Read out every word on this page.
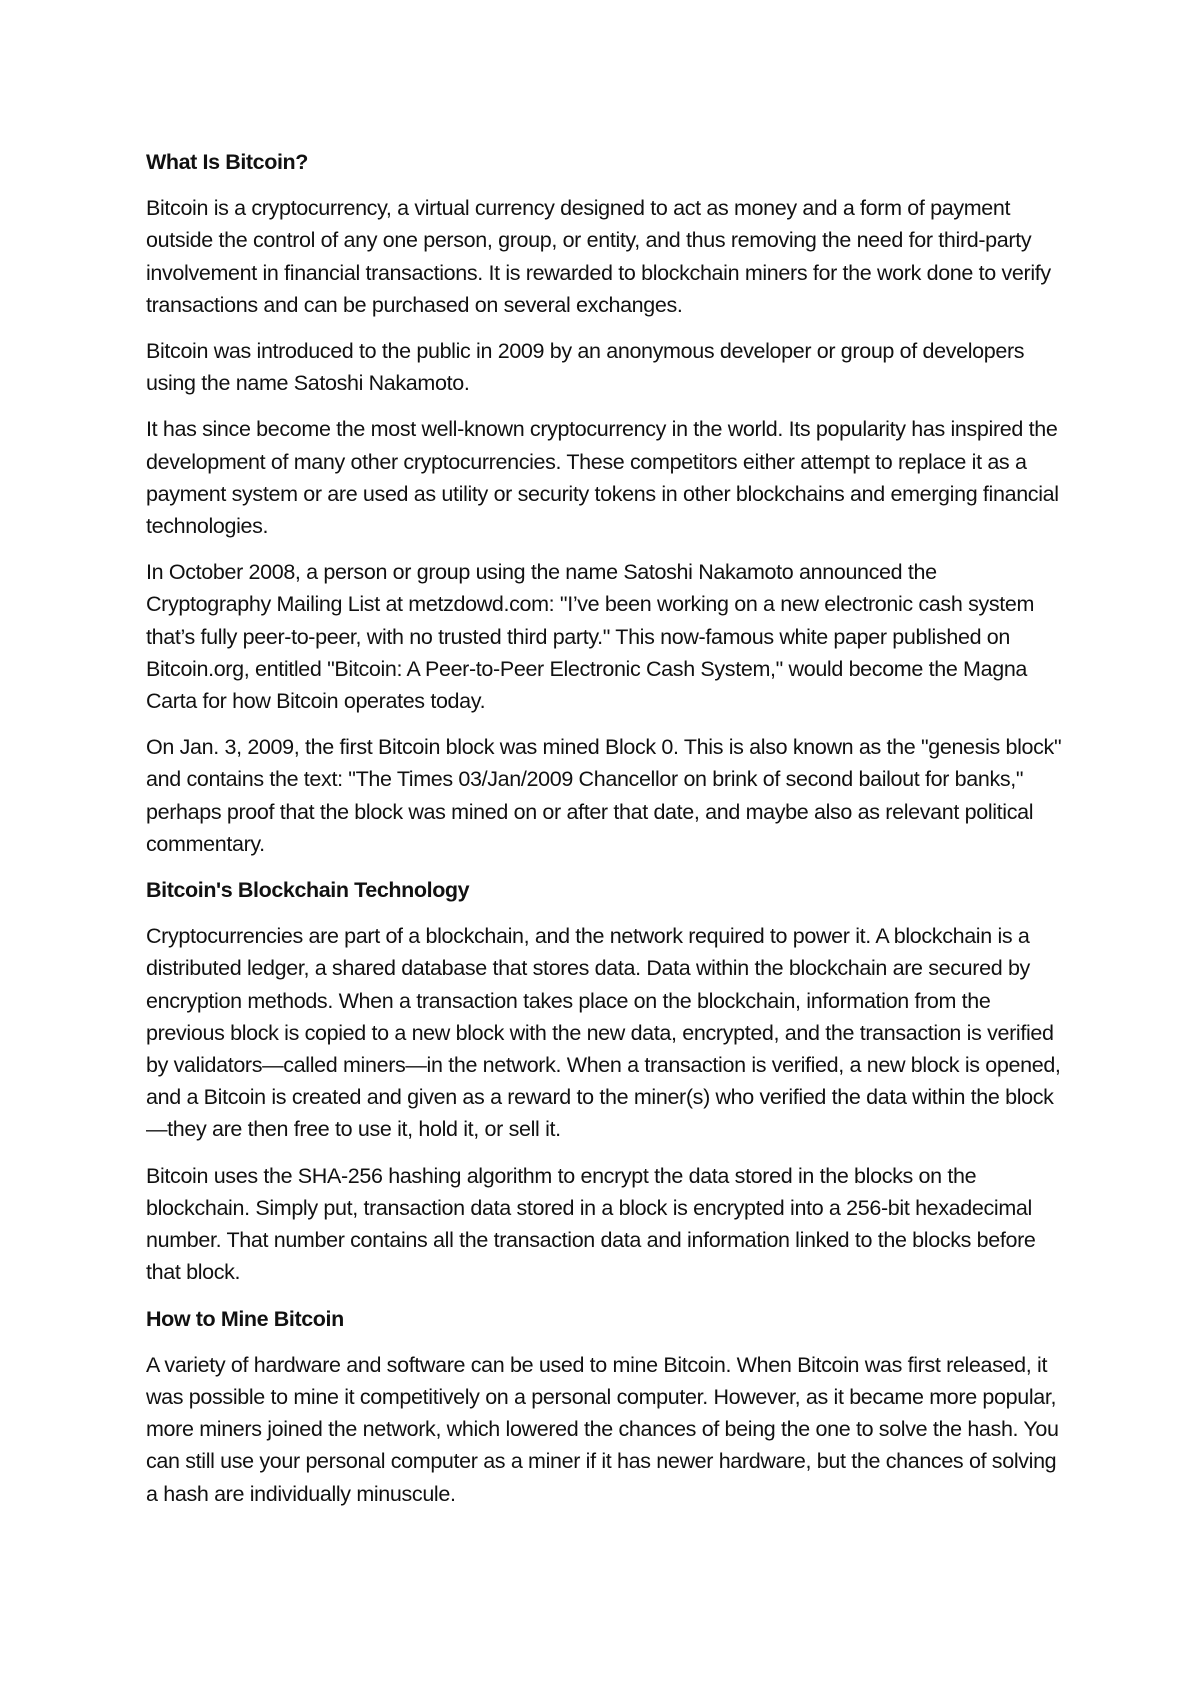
What Is Bitcoin?
Bitcoin is a cryptocurrency, a virtual currency designed to act as money and a form of payment outside the control of any one person, group, or entity, and thus removing the need for third-party involvement in financial transactions. It is rewarded to blockchain miners for the work done to verify transactions and can be purchased on several exchanges.
Bitcoin was introduced to the public in 2009 by an anonymous developer or group of developers using the name Satoshi Nakamoto.
It has since become the most well-known cryptocurrency in the world. Its popularity has inspired the development of many other cryptocurrencies. These competitors either attempt to replace it as a payment system or are used as utility or security tokens in other blockchains and emerging financial technologies.
In October 2008, a person or group using the name Satoshi Nakamoto announced the Cryptography Mailing List at metzdowd.com: "I’ve been working on a new electronic cash system that’s fully peer-to-peer, with no trusted third party." This now-famous white paper published on Bitcoin.org, entitled "Bitcoin: A Peer-to-Peer Electronic Cash System," would become the Magna Carta for how Bitcoin operates today.
On Jan. 3, 2009, the first Bitcoin block was mined Block 0. This is also known as the "genesis block" and contains the text: "The Times 03/Jan/2009 Chancellor on brink of second bailout for banks," perhaps proof that the block was mined on or after that date, and maybe also as relevant political commentary.
Bitcoin's Blockchain Technology
Cryptocurrencies are part of a blockchain, and the network required to power it. A blockchain is a distributed ledger, a shared database that stores data. Data within the blockchain are secured by encryption methods. When a transaction takes place on the blockchain, information from the previous block is copied to a new block with the new data, encrypted, and the transaction is verified by validators—called miners—in the network. When a transaction is verified, a new block is opened, and a Bitcoin is created and given as a reward to the miner(s) who verified the data within the block—they are then free to use it, hold it, or sell it.
Bitcoin uses the SHA-256 hashing algorithm to encrypt the data stored in the blocks on the blockchain. Simply put, transaction data stored in a block is encrypted into a 256-bit hexadecimal number. That number contains all the transaction data and information linked to the blocks before that block.
How to Mine Bitcoin
A variety of hardware and software can be used to mine Bitcoin. When Bitcoin was first released, it was possible to mine it competitively on a personal computer. However, as it became more popular, more miners joined the network, which lowered the chances of being the one to solve the hash. You can still use your personal computer as a miner if it has newer hardware, but the chances of solving a hash are individually minuscule.
